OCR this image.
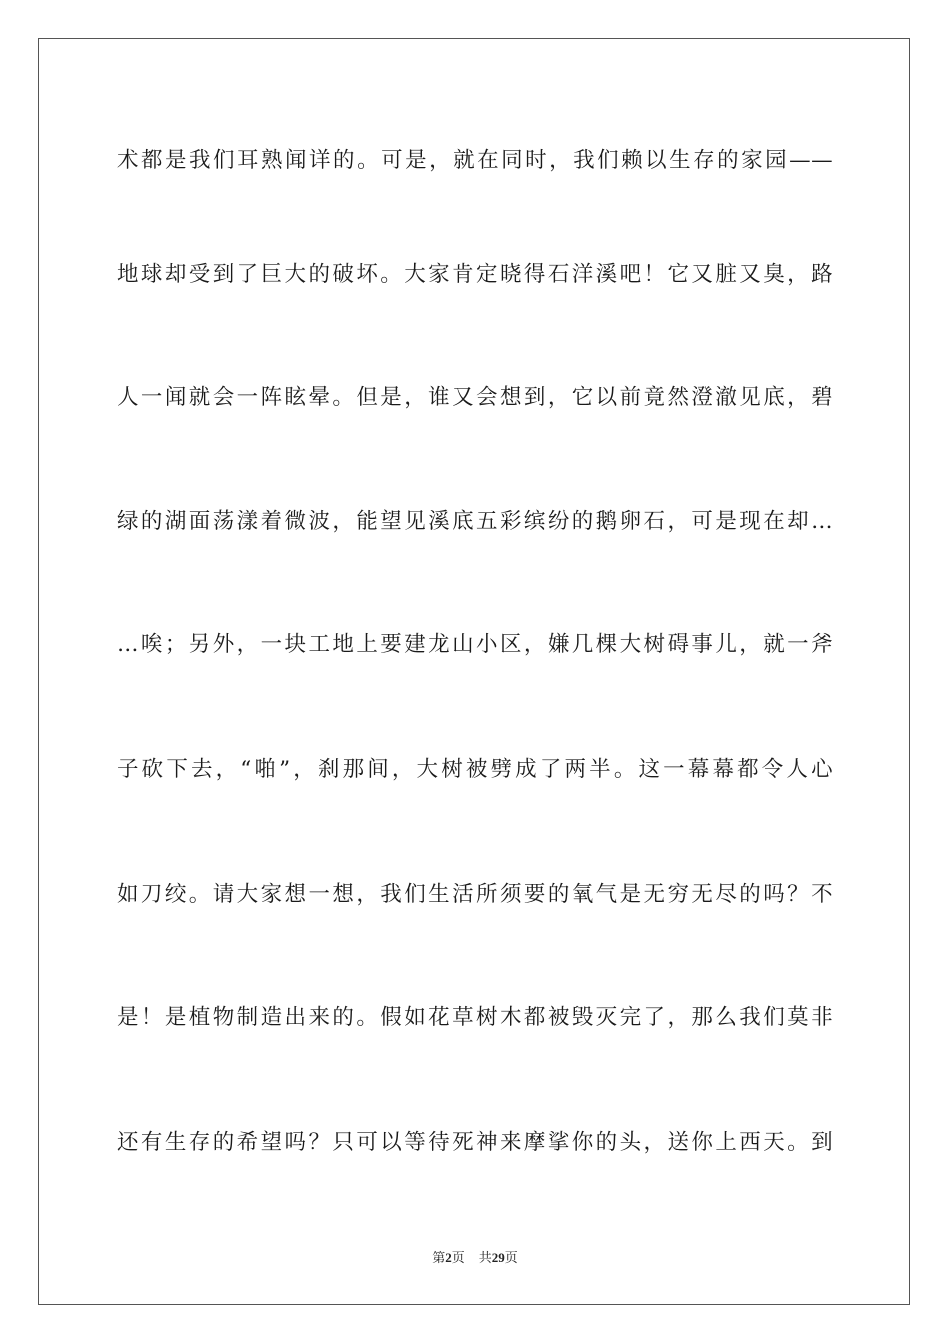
术都是我们耳熟闻详的。可是，就在同时，我们赖以生存的家园——
地球却受到了巨大的破坏。大家肯定晓得石洋溪吧！它又脏又臭，路
人一闻就会一阵眩晕。但是，谁又会想到，它以前竟然澄澈见底，碧
绿的湖面荡漾着微波，能望见溪底五彩缤纷的鹅卵石，可是现在却…
…唉；另外，一块工地上要建龙山小区，嫌几棵大树碍事儿，就一斧
子砍下去，“啪”，刹那间，大树被劈成了两半。这一幕幕都令人心
如刀绞。请大家想一想，我们生活所须要的氧气是无穷无尽的吗？不
是！是植物制造出来的。假如花草树木都被毁灭完了，那么我们莫非
还有生存的希望吗？只可以等待死神来摩挲你的头，送你上西天。到
第2页 共29页
